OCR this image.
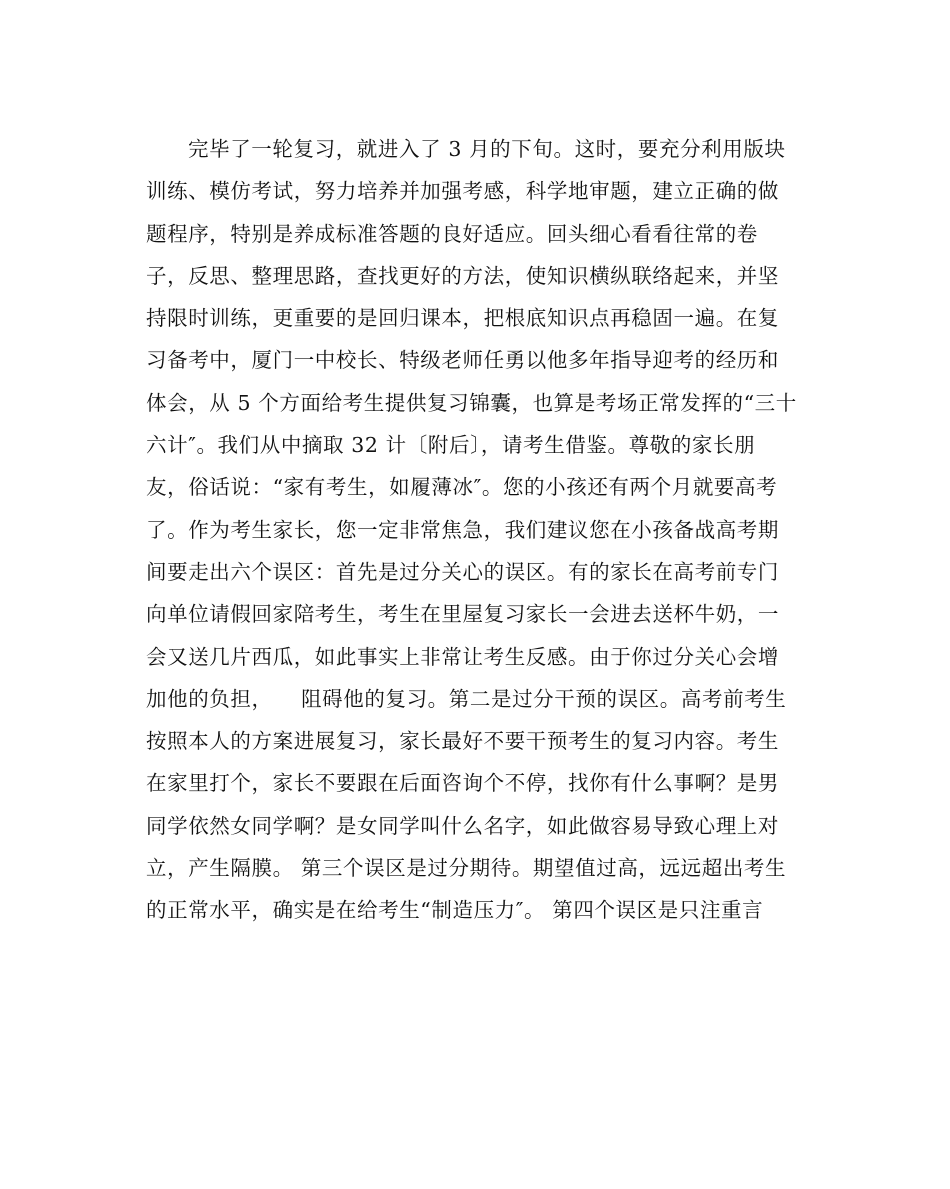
完毕了一轮复习，就进入了 3 月的下旬。这时，要充分利用版块
训练、模仿考试，努力培养并加强考感，科学地审题，建立正确的做
题程序，特别是养成标准答题的良好适应。回头细心看看往常的卷
子，反思、整理思路，查找更好的方法，使知识横纵联络起来，并坚
持限时训练，更重要的是回归课本，把根底知识点再稳固一遍。在复
习备考中，厦门一中校长、特级老师任勇以他多年指导迎考的经历和
体会，从 5 个方面给考生提供复习锦囊，也算是考场正常发挥的“三十
六计″。我们从中摘取 32 计〔附后〕，请考生借鉴。尊敬的家长朋
友，俗话说：“家有考生，如履薄冰″。您的小孩还有两个月就要高考
了。作为考生家长，您一定非常焦急，我们建议您在小孩备战高考期
间要走出六个误区：首先是过分关心的误区。有的家长在高考前专门
向单位请假回家陪考生，考生在里屋复习家长一会进去送杯牛奶，一
会又送几片西瓜，如此事实上非常让考生反感。由于你过分关心会增
加他的负担，    阻碍他的复习。第二是过分干预的误区。高考前考生
按照本人的方案进展复习，家长最好不要干预考生的复习内容。考生
在家里打个，家长不要跟在后面咨询个不停，找你有什么事啊？是男
同学依然女同学啊？是女同学叫什么名字，如此做容易导致心理上对
立，产生隔膜。 第三个误区是过分期待。期望值过高，远远超出考生
的正常水平，确实是在给考生“制造压力″。 第四个误区是只注重言
